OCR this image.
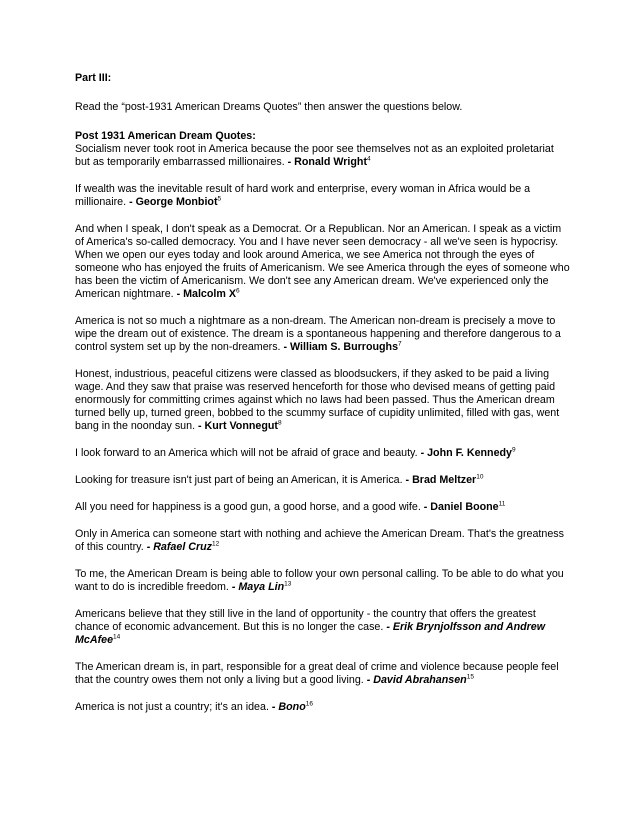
Part III:

Read the “post-1931 American Dreams Quotes” then answer the questions below.

Post 1931 American Dream Quotes:

Socialism never took root in America because the poor see themselves not as an exploited proletariat but as temporarily embarrassed millionaires. - Ronald Wright$^4$

If wealth was the inevitable result of hard work and enterprise, every woman in Africa would be a millionaire. - George Monbiot$^5$

And when I speak, I don't speak as a Democrat. Or a Republican. Nor an American. I speak as a victim of America's so-called democracy. You and I have never seen democracy - all we've seen is hypocrisy. When we open our eyes today and look around America, we see America not through the eyes of someone who has enjoyed the fruits of Americanism. We see America through the eyes of someone who has been the victim of Americanism. We don't see any American dream. We've experienced only the American nightmare. - Malcolm $X^6$

America is not so much a nightmare as a non-dream. The American non-dream is precisely a move to wipe the dream out of existence. The dream is a spontaneous happening and therefore dangerous to a control system set up by the non-dreamers. - William S. Burroughs$^7$

Honest, industrious, peaceful citizens were classed as bloodsuckers, if they asked to be paid a living wage. And they saw that praise was reserved henceforth for those who devised means of getting paid enormously for committing crimes against which no laws had been passed. Thus the American dream turned belly up, turned green, bobbed to the scummy surface of cupidity unlimited, filled with gas, went bang in the noonday sun. - Kurt Vonnegut$^8$

I look forward to an America which will not be afraid of grace and beauty. - John F. Kennedy$^9$

Looking for treasure isn't just part of being an American, it is America. - Brad Meltzer$^{10}$

All you need for happiness is a good gun, a good horse, and a good wife. - Daniel Boone$^{11}$

Only in America can someone start with nothing and achieve the American Dream. That's the greatness of this country. - Rafael Cruz$^{12}$

To me, the American Dream is being able to follow your own personal calling. To be able to do what you want to do is incredible freedom. - Maya Lin$^{13}$

Americans believe that they still live in the land of opportunity - the country that offers the greatest chance of economic advancement. But this is no longer the case. - Erik Brynjolfsson and Andrew McAfee$^{14}$

The American dream is, in part, responsible for a great deal of crime and violence because people feel that the country owes them not only a living but a good living. - David Abrahansen$^{15}$

America is not just a country; it's an idea. - Bono$^{16}$
